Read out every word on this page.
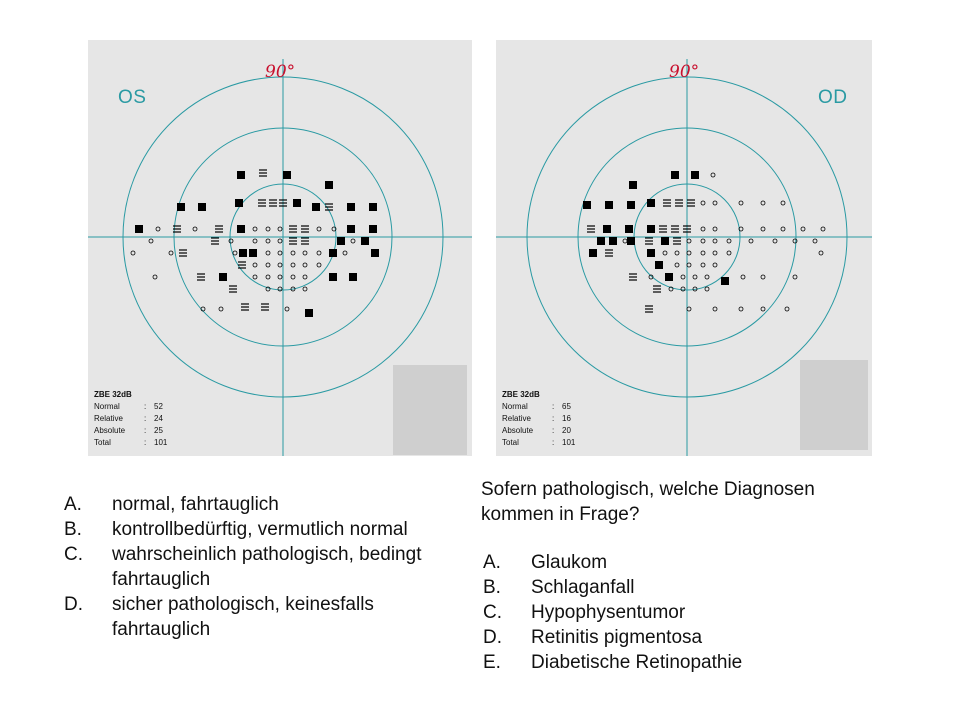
OS
90°
ZBE 32dB
Normal	: 52
Relative	: 24
Absolute	: 25
Total	: 101
OD
90°
ZBE 32dB
Normal	: 65
Relative	: 16
Absolute	: 20
Total	: 101
Sofern pathologisch, welche Diagnosen kommen in Frage?
A.	normal, fahrtauglich
B.	kontrollbedürftig, vermutlich normal
C.	wahrscheinlich pathologisch, bedingt fahrtauglich
D.	sicher pathologisch, keinesfalls fahrtauglich
A.	Glaukom
B.	Schlaganfall
C.	Hypophysentumor
D.	Retinitis pigmentosa
E.	Diabetische Retinopathie
